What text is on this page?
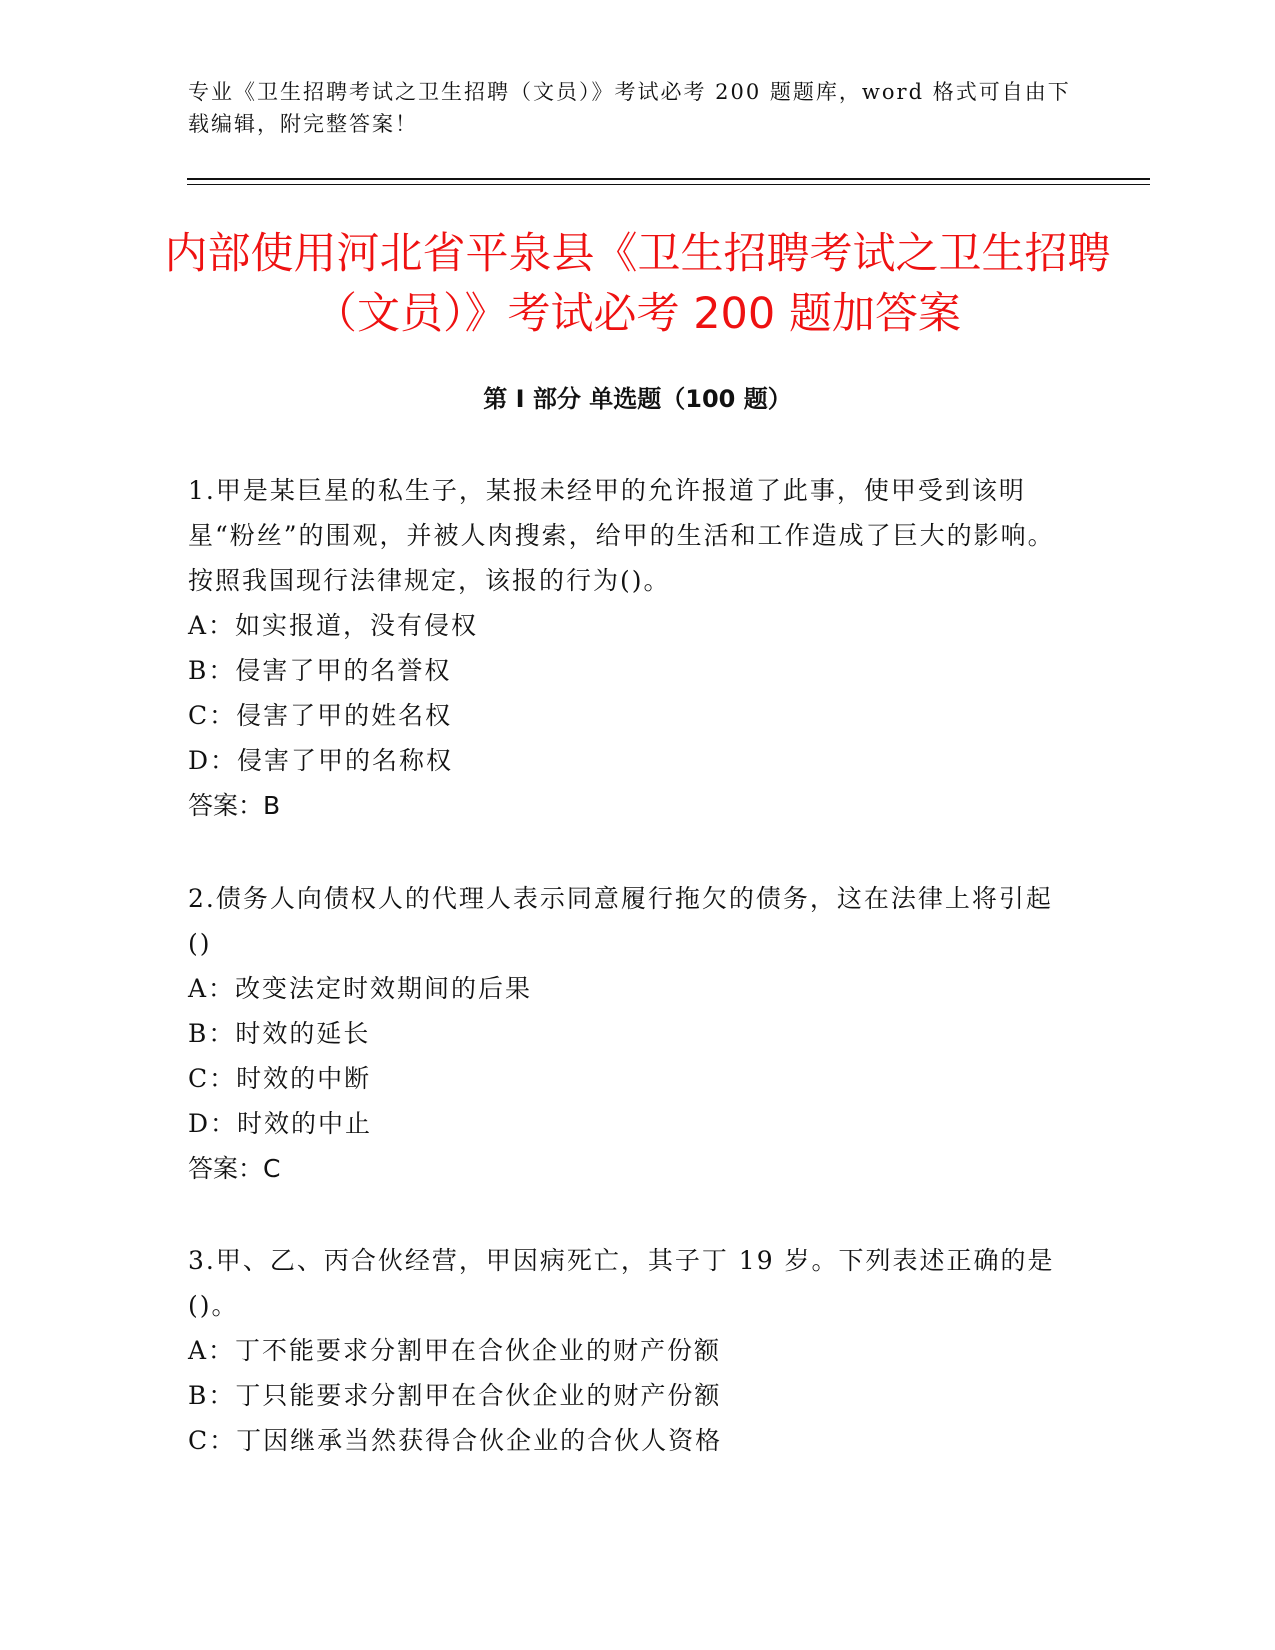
专业《卫生招聘考试之卫生招聘（文员）》考试必考 200 题题库，word 格式可自由下载编辑，附完整答案！
内部使用河北省平泉县《卫生招聘考试之卫生招聘（文员）》考试必考 200 题加答案
第 I 部分 单选题（100 题）

1.甲是某巨星的私生子，某报未经甲的允许报道了此事，使甲受到该明星“粉丝”的围观，并被人肉搜索，给甲的生活和工作造成了巨大的影响。按照我国现行法律规定，该报的行为()。

A：如实报道，没有侵权

B：侵害了甲的名誉权

C：侵害了甲的姓名权

D：侵害了甲的名称权

答案：B

2.债务人向债权人的代理人表示同意履行拖欠的债务，这在法律上将引起()

A：改变法定时效期间的后果

B：时效的延长

C：时效的中断

D：时效的中止

答案：C

3.甲、乙、丙合伙经营，甲因病死亡，其子丁 19 岁。下列表述正确的是()。

A：丁不能要求分割甲在合伙企业的财产份额

B：丁只能要求分割甲在合伙企业的财产份额

C：丁因继承当然获得合伙企业的合伙人资格
